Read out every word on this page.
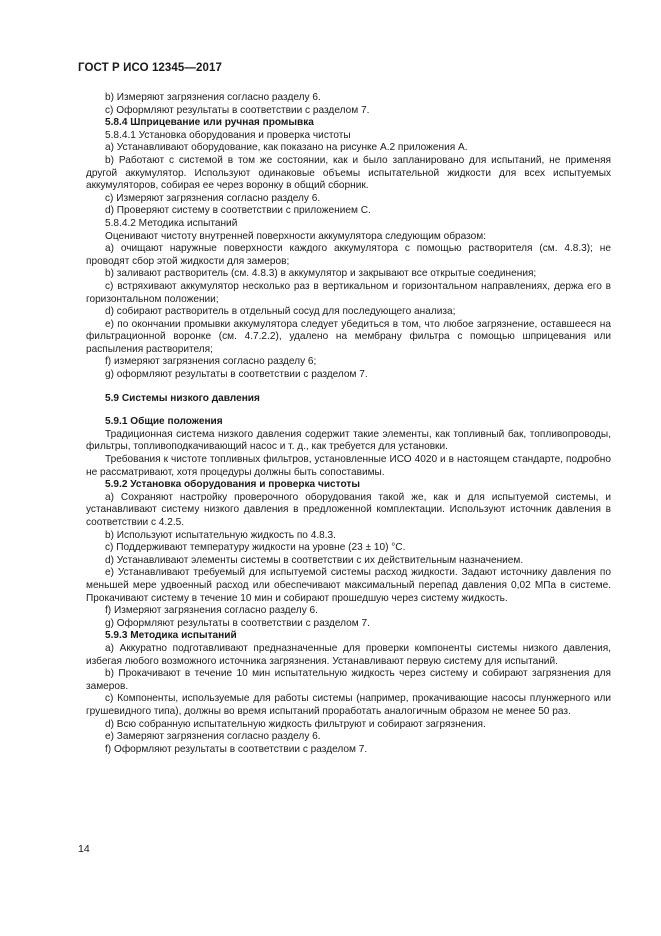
ГОСТ Р ИСО 12345—2017

b) Измеряют загрязнения согласно разделу 6.

c) Оформляют результаты в соответствии с разделом 7.

5.8.4 Шприцевание или ручная промывка

5.8.4.1 Установка оборудования и проверка чистоты

a) Устанавливают оборудование, как показано на рисунке А.2 приложения А.

b) Работают с системой в том же состоянии, как и было запланировано для испытаний, не применяя другой аккумулятор. Используют одинаковые объемы испытательной жидкости для всех испытуемых аккумуляторов, собирая ее через воронку в общий сборник.

c) Измеряют загрязнения согласно разделу 6.

d) Проверяют систему в соответствии с приложением С.

5.8.4.2 Методика испытаний

Оценивают чистоту внутренней поверхности аккумулятора следующим образом:

a) очищают наружные поверхности каждого аккумулятора с помощью растворителя (см. 4.8.3); не проводят сбор этой жидкости для замеров;

b) заливают растворитель (см. 4.8.3) в аккумулятор и закрывают все открытые соединения;

c) встряхивают аккумулятор несколько раз в вертикальном и горизонтальном направлениях, держа его в горизонтальном положении;

d) собирают растворитель в отдельный сосуд для последующего анализа;

e) по окончании промывки аккумулятора следует убедиться в том, что любое загрязнение, оставшееся на фильтрационной воронке (см. 4.7.2.2), удалено на мембрану фильтра с помощью шприцевания или распыления растворителя;

f) измеряют загрязнения согласно разделу 6;

g) оформляют результаты в соответствии с разделом 7.

5.9 Системы низкого давления

5.9.1 Общие положения

Традиционная система низкого давления содержит такие элементы, как топливный бак, топливопроводы, фильтры, топливоподкачивающий насос и т. д., как требуется для установки.

Требования к чистоте топливных фильтров, установленные ИСО 4020 и в настоящем стандарте, подробно не рассматривают, хотя процедуры должны быть сопоставимы.

5.9.2 Установка оборудования и проверка чистоты

a) Сохраняют настройку проверочного оборудования такой же, как и для испытуемой системы, и устанавливают систему низкого давления в предложенной комплектации. Используют источник давления в соответствии с 4.2.5.

b) Используют испытательную жидкость по 4.8.3.

c) Поддерживают температуру жидкости на уровне (23 ± 10) °С.

d) Устанавливают элементы системы в соответствии с их действительным назначением.

e) Устанавливают требуемый для испытуемой системы расход жидкости. Задают источнику давления по меньшей мере удвоенный расход или обеспечивают максимальный перепад давления 0,02 МПа в системе. Прокачивают систему в течение 10 мин и собирают прошедшую через систему жидкость.

f) Измеряют загрязнения согласно разделу 6.

g) Оформляют результаты в соответствии с разделом 7.

5.9.3 Методика испытаний

a) Аккуратно подготавливают предназначенные для проверки компоненты системы низкого давления, избегая любого возможного источника загрязнения. Устанавливают первую систему для испытаний.

b) Прокачивают в течение 10 мин испытательную жидкость через систему и собирают загрязнения для замеров.

c) Компоненты, используемые для работы системы (например, прокачивающие насосы плунжерного или грушевидного типа), должны во время испытаний проработать аналогичным образом не менее 50 раз.

d) Всю собранную испытательную жидкость фильтруют и собирают загрязнения.

e) Замеряют загрязнения согласно разделу 6.

f) Оформляют результаты в соответствии с разделом 7.

14
